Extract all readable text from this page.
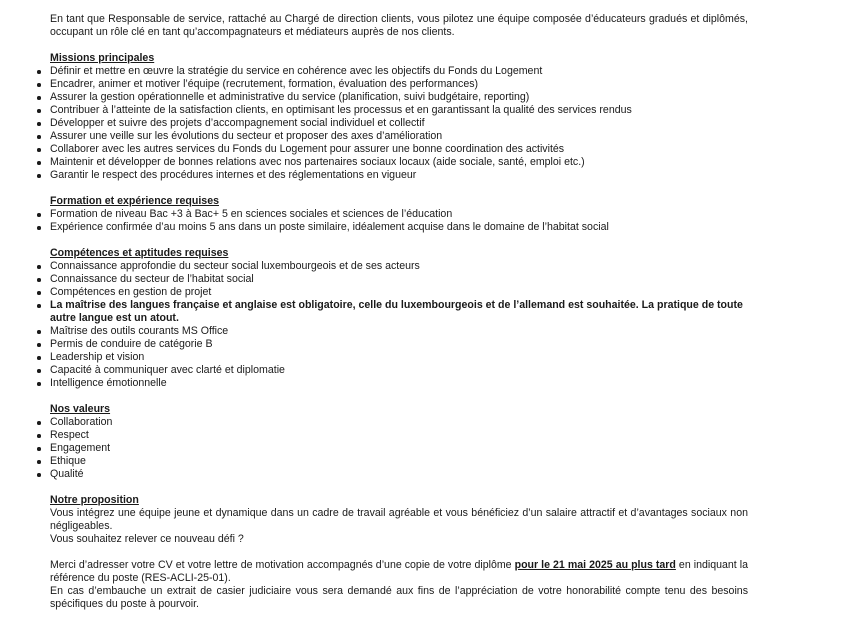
En tant que Responsable de service, rattaché au Chargé de direction clients, vous pilotez une équipe composée d’éducateurs gradués et diplômés, occupant un rôle clé en tant qu’accompagnateurs et médiateurs auprès de nos clients.

Missions principales
Définir et mettre en œuvre la stratégie du service en cohérence avec les objectifs du Fonds du Logement
Encadrer, animer et motiver l’équipe (recrutement, formation, évaluation des performances)
Assurer la gestion opérationnelle et administrative du service (planification, suivi budgétaire, reporting)
Contribuer à l’atteinte de la satisfaction clients, en optimisant les processus et en garantissant la qualité des services rendus
Développer et suivre des projets d’accompagnement social individuel et collectif
Assurer une veille sur les évolutions du secteur et proposer des axes d’amélioration
Collaborer avec les autres services du Fonds du Logement pour assurer une bonne coordination des activités
Maintenir et développer de bonnes relations avec nos partenaires sociaux locaux (aide sociale, santé, emploi etc.)
Garantir le respect des procédures internes et des réglementations en vigueur
Formation et expérience requises
Formation de niveau Bac +3 à Bac+ 5 en sciences sociales et sciences de l’éducation
Expérience confirmée d’au moins 5 ans dans un poste similaire, idéalement acquise dans le domaine de l’habitat social
Compétences et aptitudes requises
Connaissance approfondie du secteur social luxembourgeois et de ses acteurs
Connaissance du secteur de l’habitat social
Compétences en gestion de projet
La maîtrise des langues française et anglaise est obligatoire, celle du luxembourgeois et de l’allemand est souhaitée. La pratique de toute autre langue est un atout.
Maîtrise des outils courants MS Office
Permis de conduire de catégorie B
Leadership et vision
Capacité à communiquer avec clarté et diplomatie
Intelligence émotionnelle
Nos valeurs
Collaboration
Respect
Engagement
Ethique
Qualité
Notre proposition

Vous intégrez une équipe jeune et dynamique dans un cadre de travail agréable et vous bénéficiez d’un salaire attractif et d’avantages sociaux non négligeables.

Vous souhaitez relever ce nouveau défi ?

Merci d’adresser votre CV et votre lettre de motivation accompagnés d’une copie de votre diplôme pour le 21 mai 2025 au plus tard en indiquant la référence du poste (RES-ACLI-25-01).

En cas d’embauche un extrait de casier judiciaire vous sera demandé aux fins de l’appréciation de votre honorabilité compte tenu des besoins spécifiques du poste à pourvoir.
